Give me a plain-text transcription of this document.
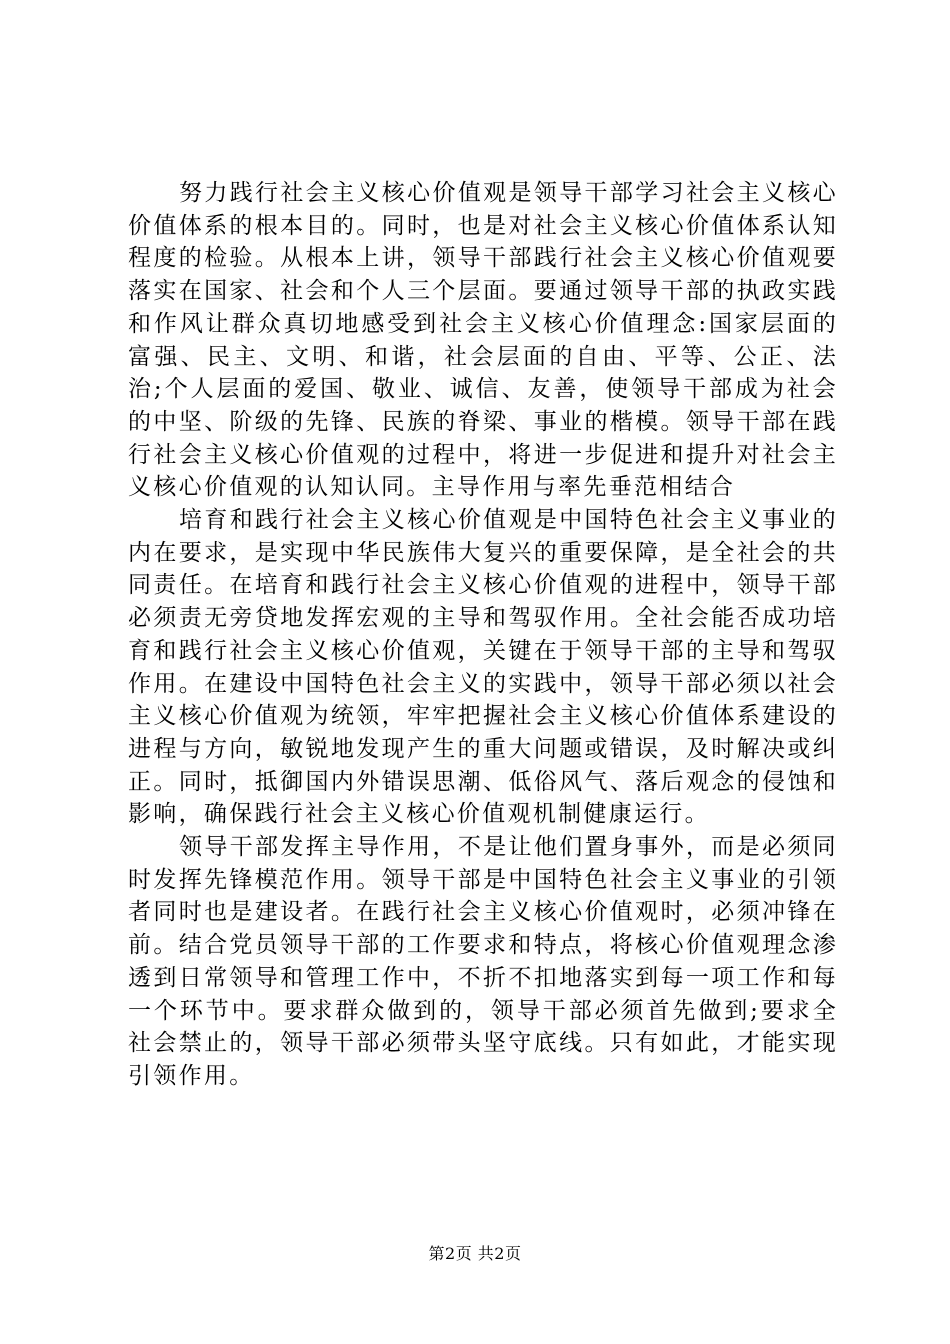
努力践行社会主义核心价值观是领导干部学习社会主义核心价值体系的根本目的。同时，也是对社会主义核心价值体系认知程度的检验。从根本上讲，领导干部践行社会主义核心价值观要落实在国家、社会和个人三个层面。要通过领导干部的执政实践和作风让群众真切地感受到社会主义核心价值理念:国家层面的富强、民主、文明、和谐，社会层面的自由、平等、公正、法治;个人层面的爱国、敬业、诚信、友善，使领导干部成为社会的中坚、阶级的先锋、民族的脊梁、事业的楷模。领导干部在践行社会主义核心价值观的过程中，将进一步促进和提升对社会主义核心价值观的认知认同。主导作用与率先垂范相结合

培育和践行社会主义核心价值观是中国特色社会主义事业的内在要求，是实现中华民族伟大复兴的重要保障，是全社会的共同责任。在培育和践行社会主义核心价值观的进程中，领导干部必须责无旁贷地发挥宏观的主导和驾驭作用。全社会能否成功培育和践行社会主义核心价值观，关键在于领导干部的主导和驾驭作用。在建设中国特色社会主义的实践中，领导干部必须以社会主义核心价值观为统领，牢牢把握社会主义核心价值体系建设的进程与方向，敏锐地发现产生的重大问题或错误，及时解决或纠正。同时，抵御国内外错误思潮、低俗风气、落后观念的侵蚀和影响，确保践行社会主义核心价值观机制健康运行。

领导干部发挥主导作用，不是让他们置身事外，而是必须同时发挥先锋模范作用。领导干部是中国特色社会主义事业的引领者同时也是建设者。在践行社会主义核心价值观时，必须冲锋在前。结合党员领导干部的工作要求和特点，将核心价值观理念渗透到日常领导和管理工作中，不折不扣地落实到每一项工作和每一个环节中。要求群众做到的，领导干部必须首先做到;要求全社会禁止的，领导干部必须带头坚守底线。只有如此，才能实现引领作用。

第2页 共2页
